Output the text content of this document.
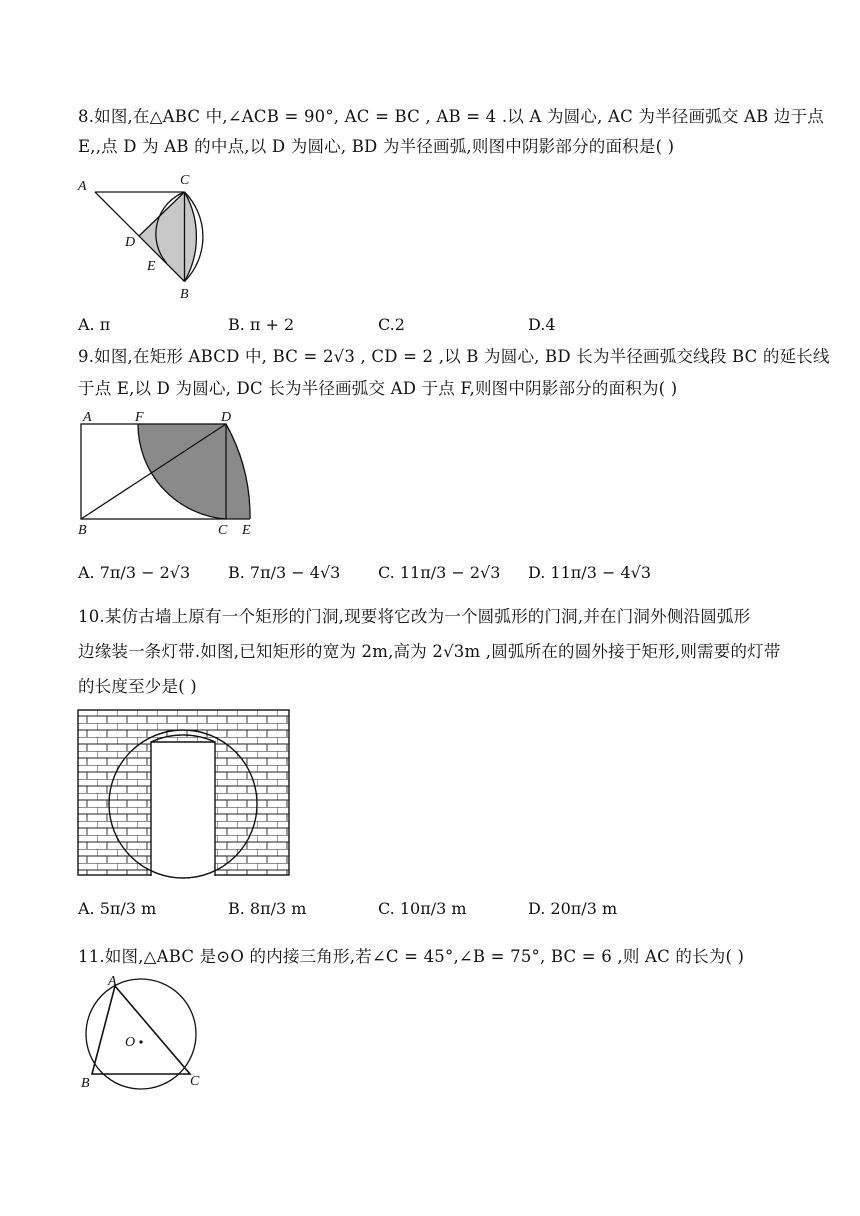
8.如图,在△ABC 中,∠ACB = 90°, AC = BC , AB = 4 .以 A 为圆心, AC 为半径画弧交 AB 边于点
E,,点 D 为 AB 的中点,以 D 为圆心, BD 为半径画弧,则图中阴影部分的面积是( )
A	C
D
E
B
A. π	B. π + 2	C.2	D.4
9.如图,在矩形 ABCD 中, BC = 2√3 , CD = 2 ,以 B 为圆心, BD 长为半径画弧交线段 BC 的延长线
于点 E,以 D 为圆心, DC 长为半径画弧交 AD 于点 F,则图中阴影部分的面积为( )
A	F	D
B	C E
A. 7π/3 − 2√3 B. 7π/3 − 4√3 C. 11π/3 − 2√3 D. 11π/3 − 4√3
10.某仿古墙上原有一个矩形的门洞,现要将它改为一个圆弧形的门洞,并在门洞外侧沿圆弧形
边缘装一条灯带.如图,已知矩形的宽为 2m,高为 2√3m ,圆弧所在的圆外接于矩形,则需要的灯带
的长度至少是( )
A. 5π/3 m	B. 8π/3 m	C. 10π/3 m	D. 20π/3 m
11.如图,△ABC 是⊙O 的内接三角形,若∠C = 45°,∠B = 75°, BC = 6 ,则 AC 的长为( )
A
O
B	C
